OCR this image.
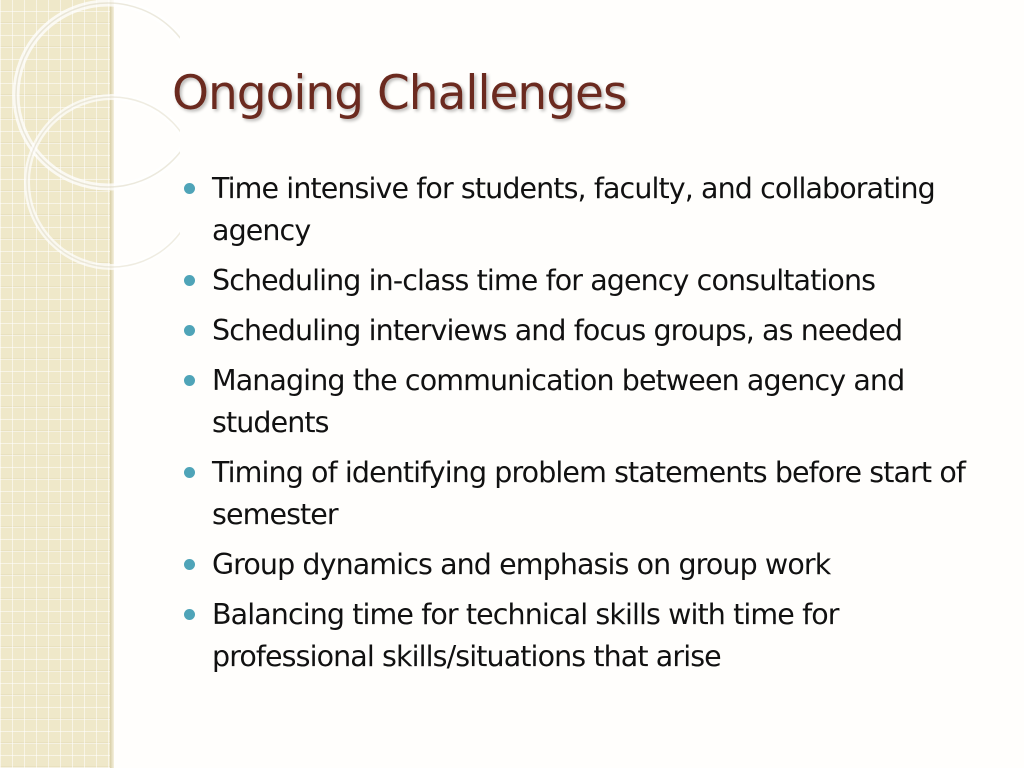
Ongoing Challenges
Time intensive for students, faculty, and collaborating agency
Scheduling in-class time for agency consultations
Scheduling interviews and focus groups, as needed
Managing the communication between agency and students
Timing of identifying problem statements before start of semester
Group dynamics and emphasis on group work
Balancing time for technical skills with time for professional skills/situations that arise
